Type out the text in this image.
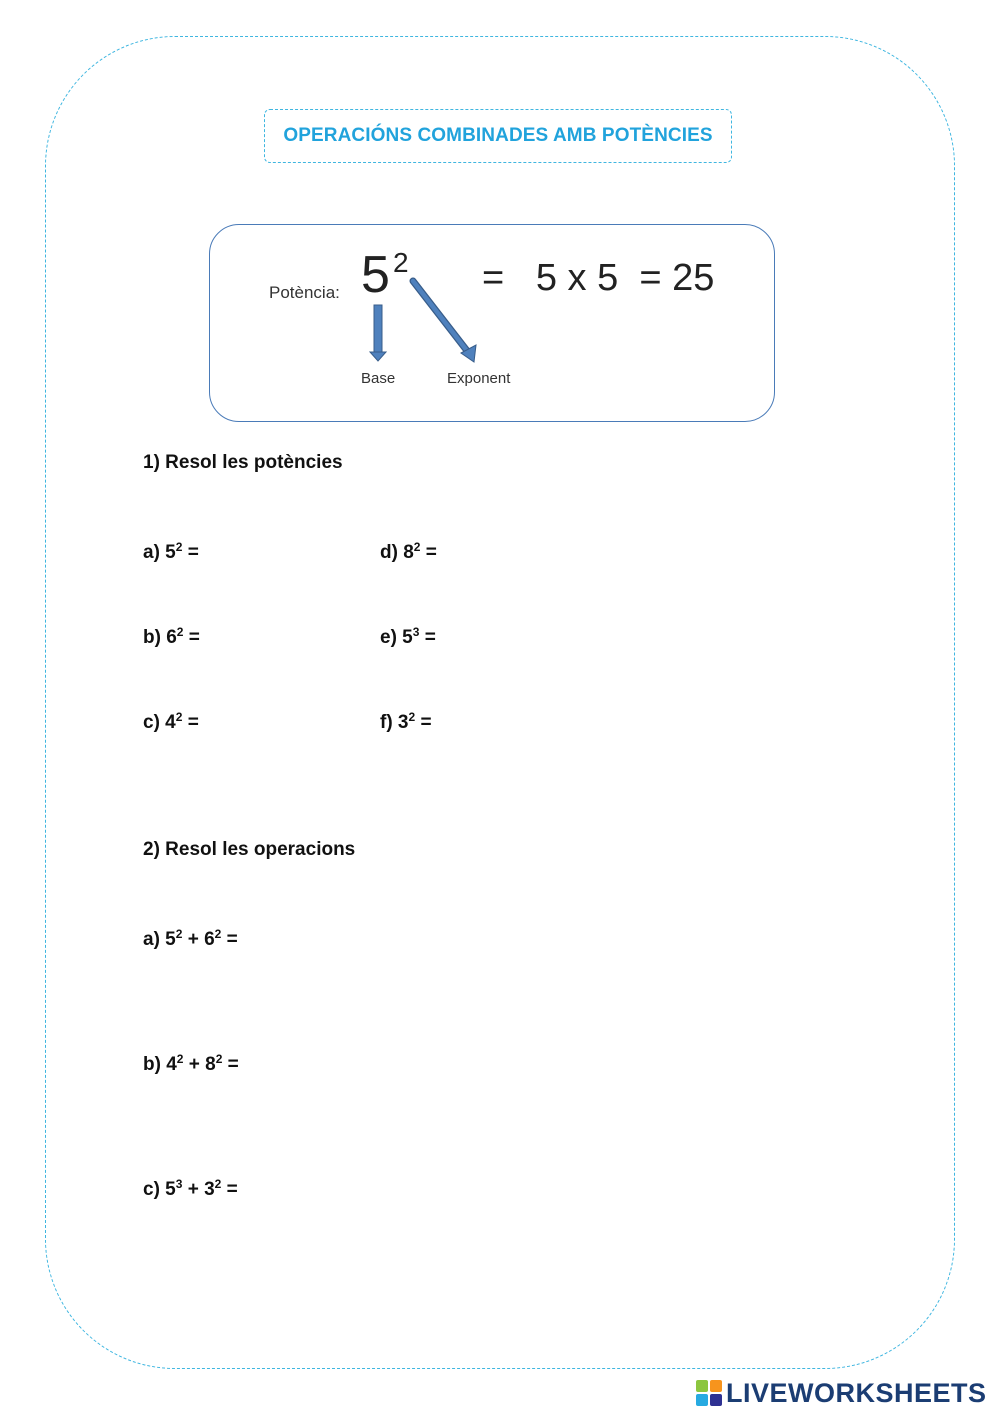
OPERACIÓNS COMBINADES AMB POTÈNCIES
Potència: 5 2 =   5 x 5  = 25
Base	Exponent
1) Resol les potències
a) $5^2$ =	d) $8^2$ =
b) $6^2$ =	e) $5^3$ =
c) $4^2$ =	f) $3^2$ =
2) Resol les operacions
a) $5^2 + 6^2$ =
b) $4^2 + 8^2$ =
c) $5^3 + 3^2$ =
LIVEWORKSHEETS
